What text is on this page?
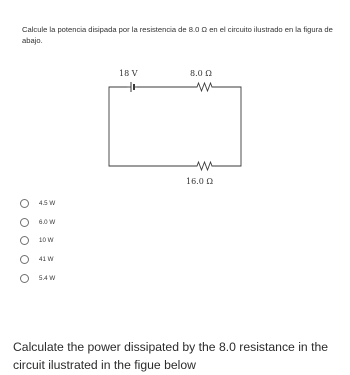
Calcule la potencia disipada por la resistencia de 8.0 Ω en el circuito ilustrado en la figura de abajo.
18 V	8.0 Ω
16.0 Ω
4.5 W
6.0 W
10 W
41 W
5.4 W
Calculate the power dissipated by the 8.0 resistance in the circuit ilustrated in the figue below
